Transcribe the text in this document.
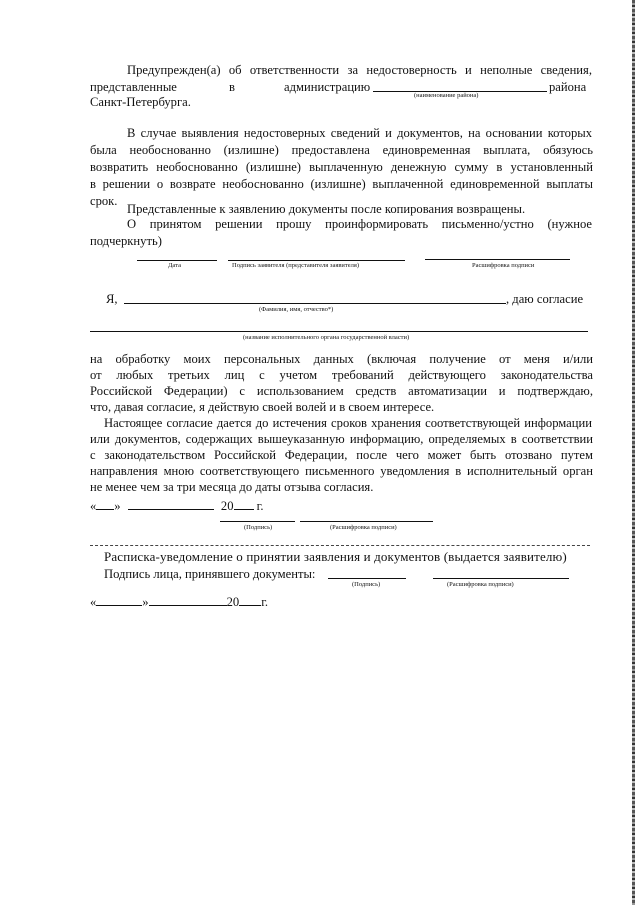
Предупрежден(а) об ответственности за недостоверность и неполные сведения,
представленные	в	администрацию	района
(наименование района)
Санкт-Петербурга.
В случае выявления недостоверных сведений и документов, на основании которых
была необоснованно (излишне) предоставлена единовременная выплата, обязуюсь
возвратить необоснованно (излишне) выплаченную денежную сумму в установленный
в решении о возврате необоснованно (излишне) выплаченной единовременной выплаты
срок.
Представленные к заявлению документы после копирования возвращены.
О принятом решении прошу проинформировать письменно/устно (нужное
подчеркнуть)
Дата	Подпись заявителя (представителя заявителя)	Расшифровка подписи
Я,	, даю согласие
(Фамилия, имя, отчество*)
(название исполнительного органа государственной власти)
на обработку моих персональных данных (включая получение от меня и/или
от любых третьих лиц с учетом требований действующего законодательства
Российской Федерации) с использованием средств автоматизации и подтверждаю,
что, давая согласие, я действую своей волей и в своем интересе.
Настоящее согласие дается до истечения сроков хранения соответствующей информации
или документов, содержащих вышеуказанную информацию, определяемых в соответствии
с законодательством Российской Федерации, после чего может быть отозвано путем
направления мною соответствующего письменного уведомления в исполнительный орган
не менее чем за три месяца до даты отзыва согласия.
« »	20 г.
(Подпись)	(Расшифровка подписи)
Расписка-уведомление о принятии заявления и документов (выдается заявителю)
Подпись лица, принявшего документы:
(Подпись)	(Расшифровка подписи)
«	»	20 г.
